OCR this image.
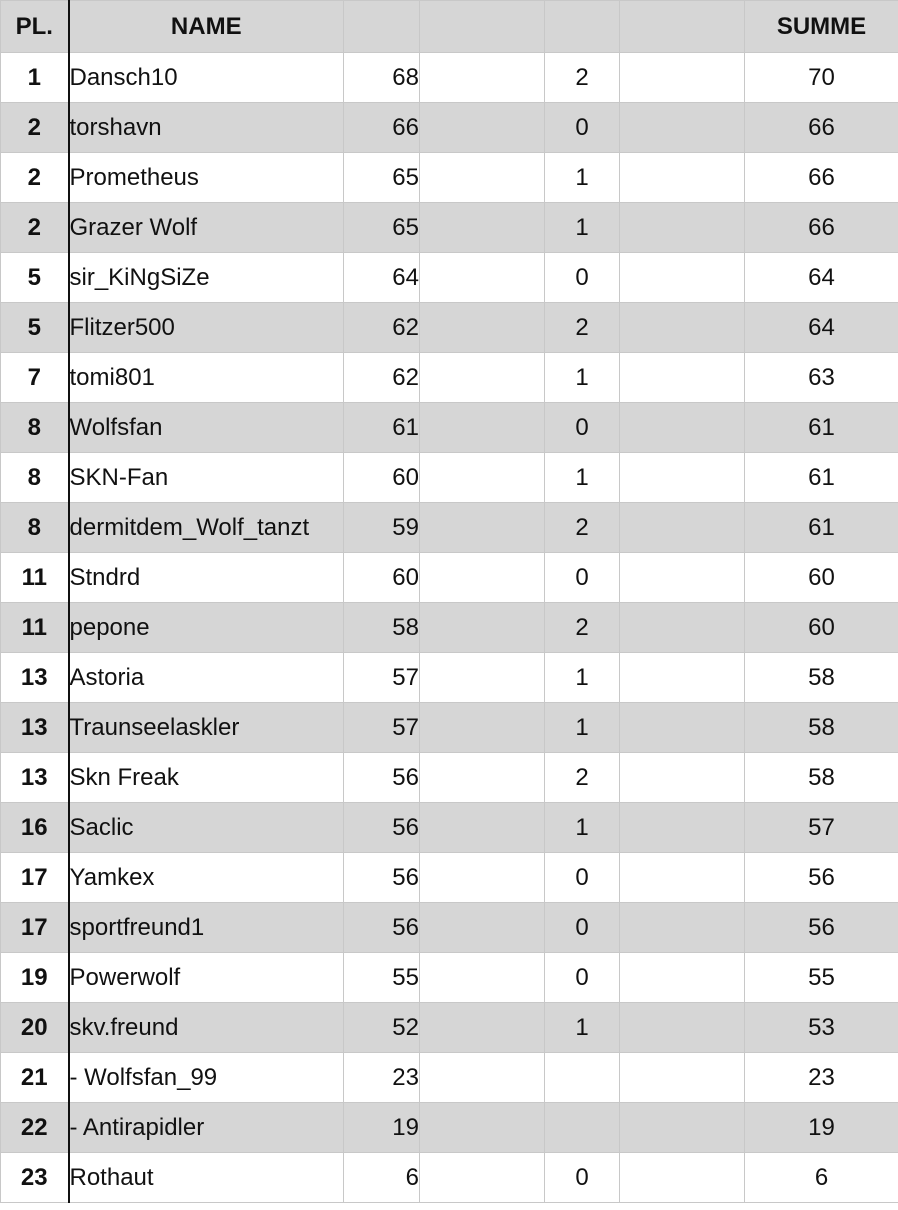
PL.	NAME					SUMME
1	Dansch10	68		2		70
2	torshavn	66		0		66
2	Prometheus	65		1		66
2	Grazer Wolf	65		1		66
5	sir_KiNgSiZe	64		0		64
5	Flitzer500	62		2		64
7	tomi801	62		1		63
8	Wolfsfan	61		0		61
8	SKN-Fan	60		1		61
8	dermitdem_Wolf_tanzt	59		2		61
11	Stndrd	60		0		60
11	pepone	58		2		60
13	Astoria	57		1		58
13	Traunseelaskler	57		1		58
13	Skn Freak	56		2		58
16	Saclic	56		1		57
17	Yamkex	56		0		56
17	sportfreund1	56		0		56
19	Powerwolf	55		0		55
20	skv.freund	52		1		53
21	- Wolfsfan_99	23				23
22	- Antirapidler	19				19
23	Rothaut	6		0		6
